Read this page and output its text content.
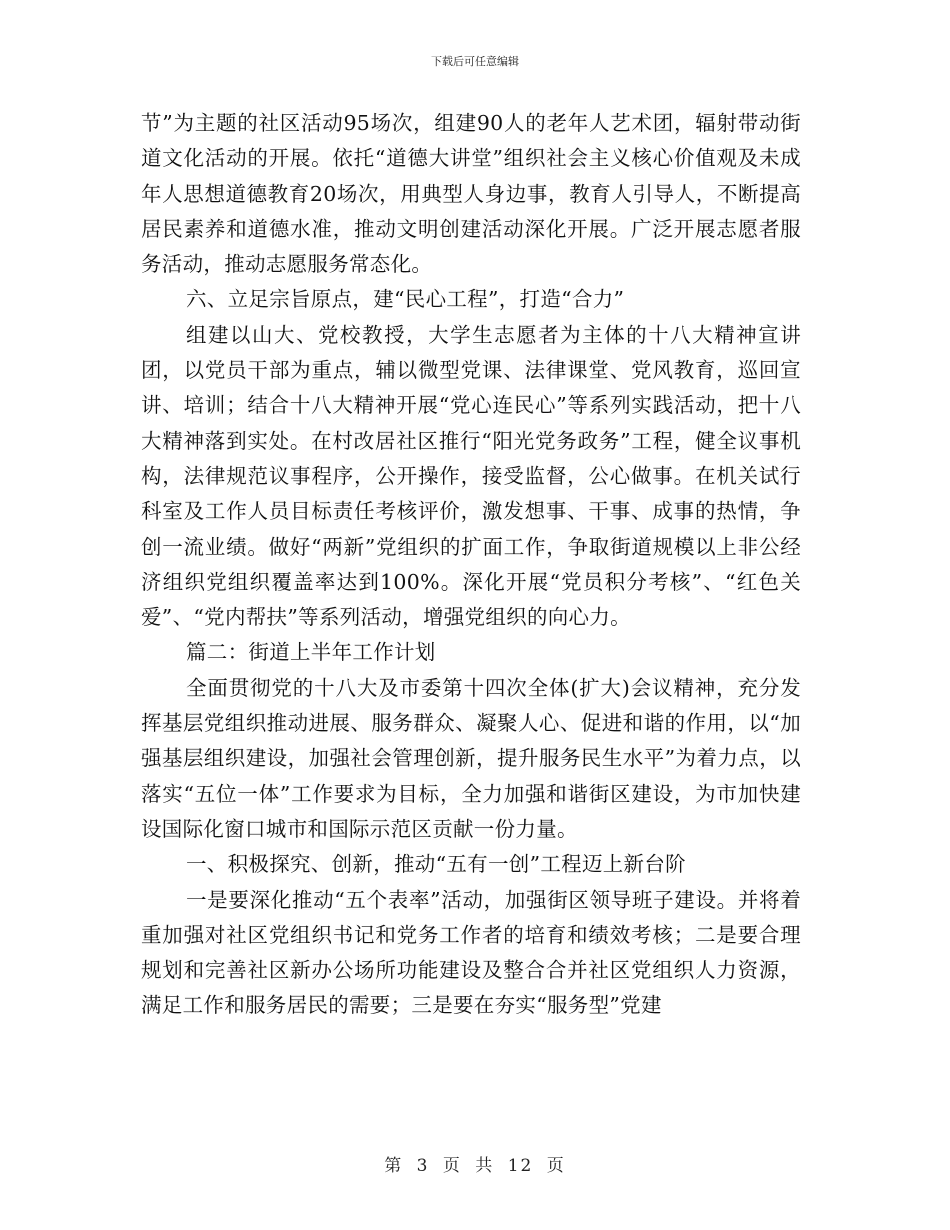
下载后可任意编辑

节”为主题的社区活动95场次，组建90人的老年人艺术团，辐射带动街道文化活动的开展。依托“道德大讲堂”组织社会主义核心价值观及未成年人思想道德教育20场次，用典型人身边事，教育人引导人，不断提高居民素养和道德水准，推动文明创建活动深化开展。广泛开展志愿者服务活动，推动志愿服务常态化。

六、立足宗旨原点，建“民心工程”，打造“合力”

组建以山大、党校教授，大学生志愿者为主体的十八大精神宣讲团，以党员干部为重点，辅以微型党课、法律课堂、党风教育，巡回宣讲、培训；结合十八大精神开展“党心连民心”等系列实践活动，把十八大精神落到实处。在村改居社区推行“阳光党务政务”工程，健全议事机构，法律规范议事程序，公开操作，接受监督，公心做事。在机关试行科室及工作人员目标责任考核评价，激发想事、干事、成事的热情，争创一流业绩。做好“两新”党组织的扩面工作，争取街道规模以上非公经济组织党组织覆盖率达到100%。深化开展“党员积分考核”、“红色关爱”、“党内帮扶”等系列活动，增强党组织的向心力。

篇二：街道上半年工作计划

全面贯彻党的十八大及市委第十四次全体(扩大)会议精神，充分发挥基层党组织推动进展、服务群众、凝聚人心、促进和谐的作用，以“加强基层组织建设，加强社会管理创新，提升服务民生水平”为着力点，以落实“五位一体”工作要求为目标，全力加强和谐街区建设，为市加快建设国际化窗口城市和国际示范区贡献一份力量。

一、积极探究、创新，推动“五有一创”工程迈上新台阶

一是要深化推动“五个表率”活动，加强街区领导班子建设。并将着重加强对社区党组织书记和党务工作者的培育和绩效考核；二是要合理规划和完善社区新办公场所功能建设及整合合并社区党组织人力资源，满足工作和服务居民的需要；三是要在夯实“服务型”党建

第 3 页 共 12 页
